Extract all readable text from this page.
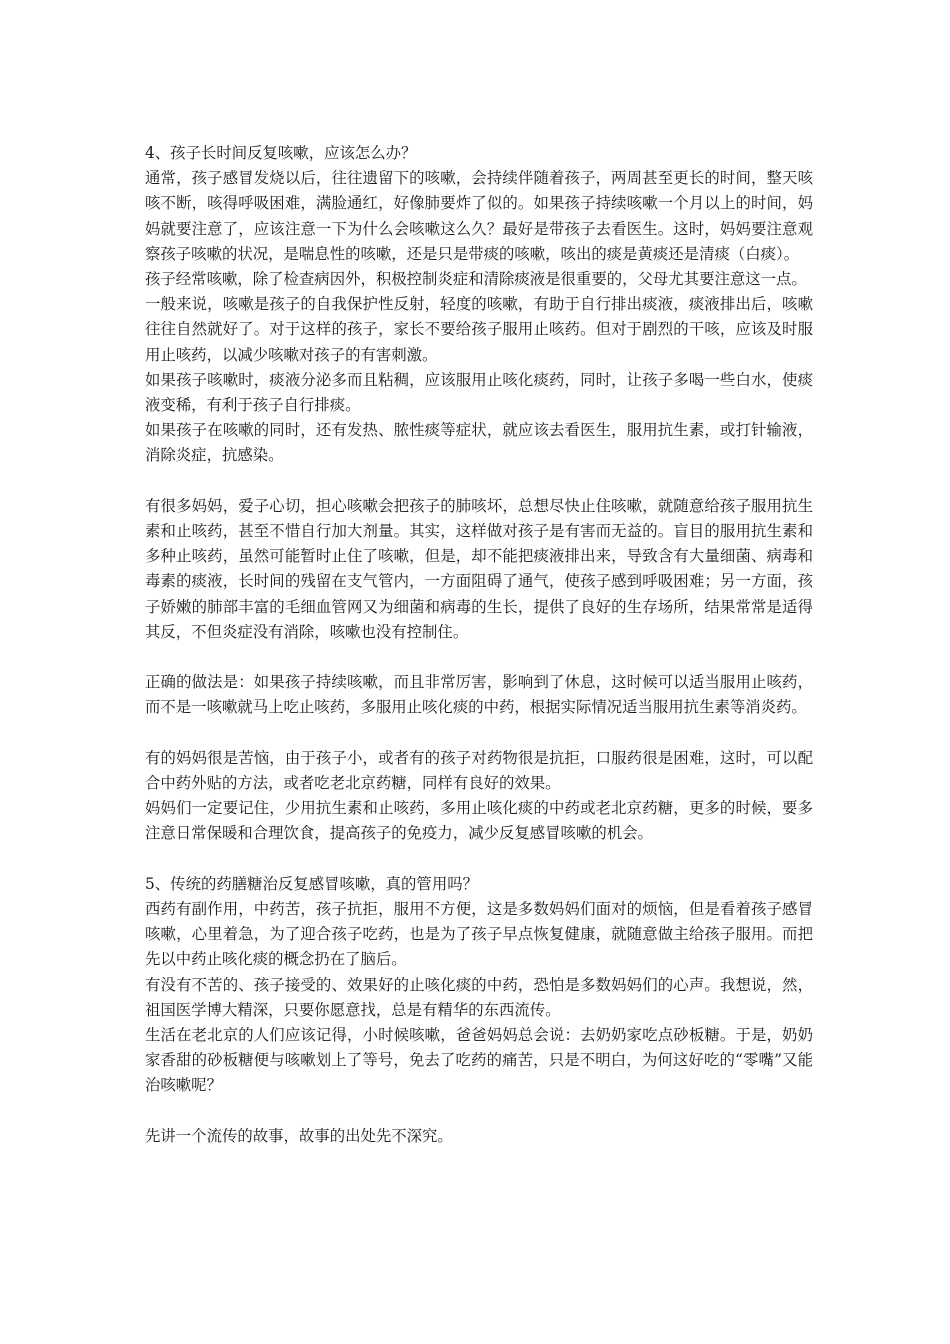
4、孩子长时间反复咳嗽，应该怎么办？

通常，孩子感冒发烧以后，往往遗留下的咳嗽，会持续伴随着孩子，两周甚至更长的时间，整天咳咳不断，咳得呼吸困难，满脸通红，好像肺要炸了似的。如果孩子持续咳嗽一个月以上的时间，妈妈就要注意了，应该注意一下为什么会咳嗽这么久？最好是带孩子去看医生。这时，妈妈要注意观察孩子咳嗽的状况，是喘息性的咳嗽，还是只是带痰的咳嗽，咳出的痰是黄痰还是清痰（白痰）。

孩子经常咳嗽，除了检查病因外，积极控制炎症和清除痰液是很重要的，父母尤其要注意这一点。

一般来说，咳嗽是孩子的自我保护性反射，轻度的咳嗽，有助于自行排出痰液，痰液排出后，咳嗽往往自然就好了。对于这样的孩子，家长不要给孩子服用止咳药。但对于剧烈的干咳，应该及时服用止咳药，以减少咳嗽对孩子的有害刺激。

如果孩子咳嗽时，痰液分泌多而且粘稠，应该服用止咳化痰药，同时，让孩子多喝一些白水，使痰液变稀，有利于孩子自行排痰。

如果孩子在咳嗽的同时，还有发热、脓性痰等症状，就应该去看医生，服用抗生素，或打针输液，消除炎症，抗感染。

有很多妈妈，爱子心切，担心咳嗽会把孩子的肺咳坏，总想尽快止住咳嗽，就随意给孩子服用抗生素和止咳药，甚至不惜自行加大剂量。其实，这样做对孩子是有害而无益的。盲目的服用抗生素和多种止咳药，虽然可能暂时止住了咳嗽，但是，却不能把痰液排出来，导致含有大量细菌、病毒和毒素的痰液，长时间的残留在支气管内，一方面阻碍了通气，使孩子感到呼吸困难；另一方面，孩子娇嫩的肺部丰富的毛细血管网又为细菌和病毒的生长，提供了良好的生存场所，结果常常是适得其反，不但炎症没有消除，咳嗽也没有控制住。

正确的做法是：如果孩子持续咳嗽，而且非常厉害，影响到了休息，这时候可以适当服用止咳药，而不是一咳嗽就马上吃止咳药，多服用止咳化痰的中药，根据实际情况适当服用抗生素等消炎药。

有的妈妈很是苦恼，由于孩子小，或者有的孩子对药物很是抗拒，口服药很是困难，这时，可以配合中药外贴的方法，或者吃老北京药糖，同样有良好的效果。

妈妈们一定要记住，少用抗生素和止咳药，多用止咳化痰的中药或老北京药糖，更多的时候，要多注意日常保暖和合理饮食，提高孩子的免疫力，减少反复感冒咳嗽的机会。

5、传统的药膳糖治反复感冒咳嗽，真的管用吗？

西药有副作用，中药苦，孩子抗拒，服用不方便，这是多数妈妈们面对的烦恼，但是看着孩子感冒咳嗽，心里着急，为了迎合孩子吃药，也是为了孩子早点恢复健康，就随意做主给孩子服用。而把先以中药止咳化痰的概念扔在了脑后。

有没有不苦的、孩子接受的、效果好的止咳化痰的中药，恐怕是多数妈妈们的心声。我想说，然，祖国医学博大精深，只要你愿意找，总是有精华的东西流传。

生活在老北京的人们应该记得，小时候咳嗽，爸爸妈妈总会说：去奶奶家吃点砂板糖。于是，奶奶家香甜的砂板糖便与咳嗽划上了等号，免去了吃药的痛苦，只是不明白，为何这好吃的“零嘴”又能治咳嗽呢？

先讲一个流传的故事，故事的出处先不深究。
